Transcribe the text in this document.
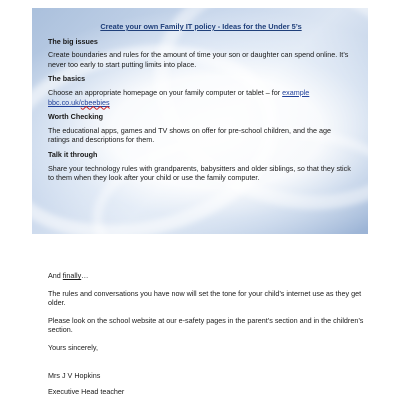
Create your own Family IT policy - Ideas for the Under 5’s
The big issues
Create boundaries and rules for the amount of time your son or daughter can spend online. It’s never too early to start putting limits into place.
The basics
Choose an appropriate homepage on your family computer or tablet – for example bbc.co.uk/cbeebies
Worth Checking
The educational apps, games and TV shows on offer for pre-school children, and the age ratings and descriptions for them.
Talk it through
Share your technology rules with grandparents, babysitters and older siblings, so that they stick to them when they look after your child or use the family computer.
And finally…
The rules and conversations you have now will set the tone for your child’s internet use as they get older.
Please look on the school website at our e-safety pages in the parent’s section and in the children’s section.
Yours sincerely,
Mrs J V Hopkins
Executive Head teacher
